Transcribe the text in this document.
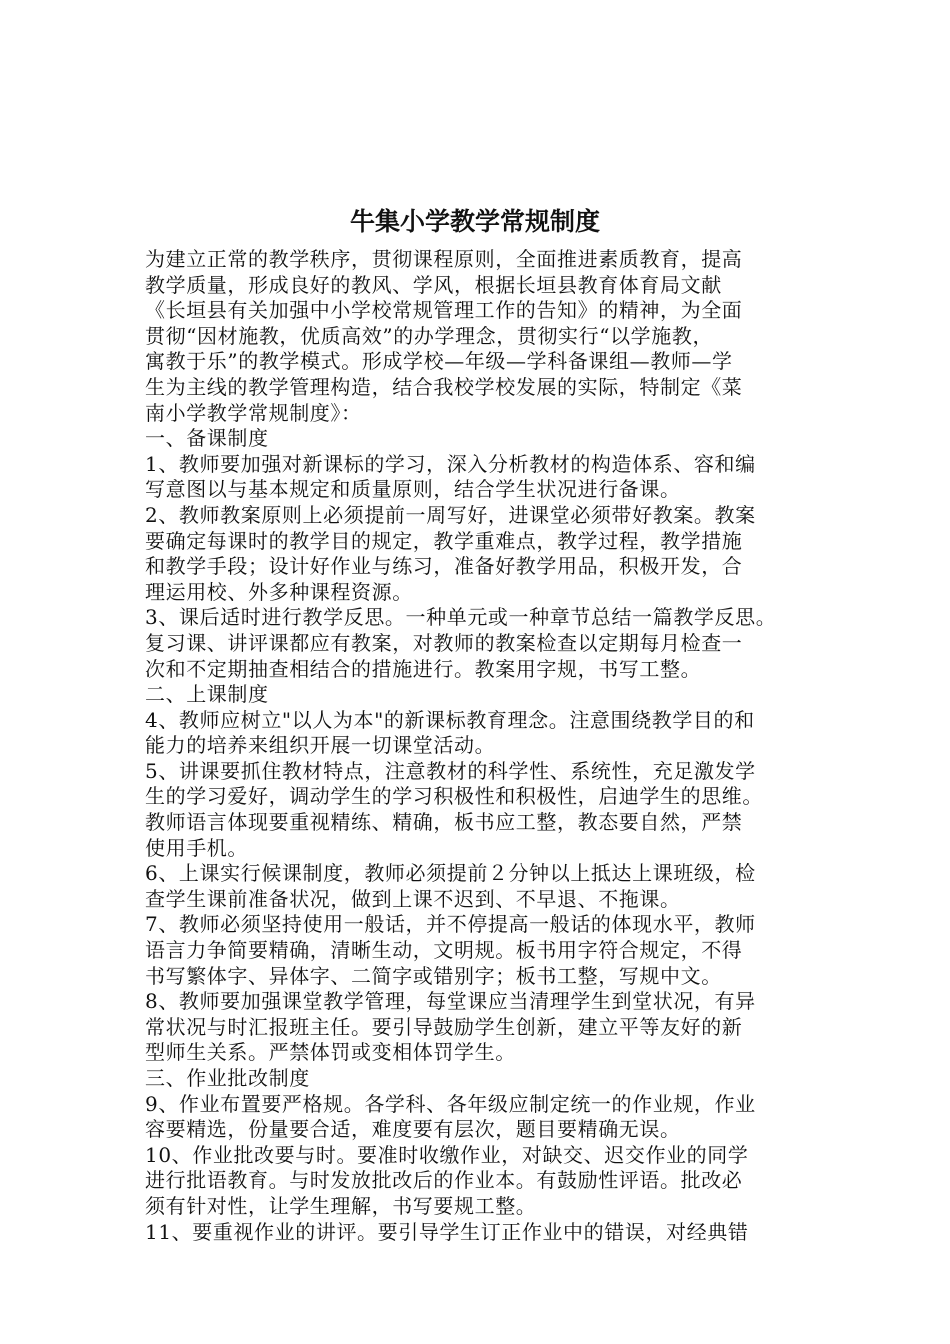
牛集小学教学常规制度
为建立正常的教学秩序，贯彻课程原则，全面推进素质教育，提高
教学质量，形成良好的教风、学风，根据长垣县教育体育局文献
《长垣县有关加强中小学校常规管理工作的告知》的精神，为全面
贯彻“因材施教，优质高效”的办学理念，贯彻实行“以学施教，
寓教于乐”的教学模式。形成学校—年级—学科备课组—教师—学
生为主线的教学管理构造，结合我校学校发展的实际，特制定《菜
南小学教学常规制度》：
一、备课制度
1、教师要加强对新课标的学习，深入分析教材的构造体系、容和编
写意图以与基本规定和质量原则，结合学生状况进行备课。
2、教师教案原则上必须提前一周写好，进课堂必须带好教案。教案
要确定每课时的教学目的规定，教学重难点，教学过程，教学措施
和教学手段；设计好作业与练习，准备好教学用品，积极开发，合
理运用校、外多种课程资源。
3、课后适时进行教学反思。一种单元或一种章节总结一篇教学反思。
复习课、讲评课都应有教案，对教师的教案检查以定期每月检查一
次和不定期抽查相结合的措施进行。教案用字规，书写工整。
二、上课制度
4、教师应树立"以人为本"的新课标教育理念。注意围绕教学目的和
能力的培养来组织开展一切课堂活动。
5、讲课要抓住教材特点，注意教材的科学性、系统性，充足激发学
生的学习爱好，调动学生的学习积极性和积极性，启迪学生的思维。
教师语言体现要重视精练、精确，板书应工整，教态要自然，严禁
使用手机。
6、上课实行候课制度，教师必须提前２分钟以上抵达上课班级，检
查学生课前准备状况，做到上课不迟到、不早退、不拖课。
7、教师必须坚持使用一般话，并不停提高一般话的体现水平，教师
语言力争简要精确，清晰生动，文明规。板书用字符合规定，不得
书写繁体字、异体字、二简字或错别字；板书工整，写规中文。
8、教师要加强课堂教学管理，每堂课应当清理学生到堂状况，有异
常状况与时汇报班主任。要引导鼓励学生创新，建立平等友好的新
型师生关系。严禁体罚或变相体罚学生。
三、作业批改制度
9、作业布置要严格规。各学科、各年级应制定统一的作业规，作业
容要精选，份量要合适，难度要有层次，题目要精确无误。
10、作业批改要与时。要准时收缴作业，对缺交、迟交作业的同学
进行批语教育。与时发放批改后的作业本。有鼓励性评语。批改必
须有针对性，让学生理解，书写要规工整。
11、要重视作业的讲评。要引导学生订正作业中的错误，对经典错
